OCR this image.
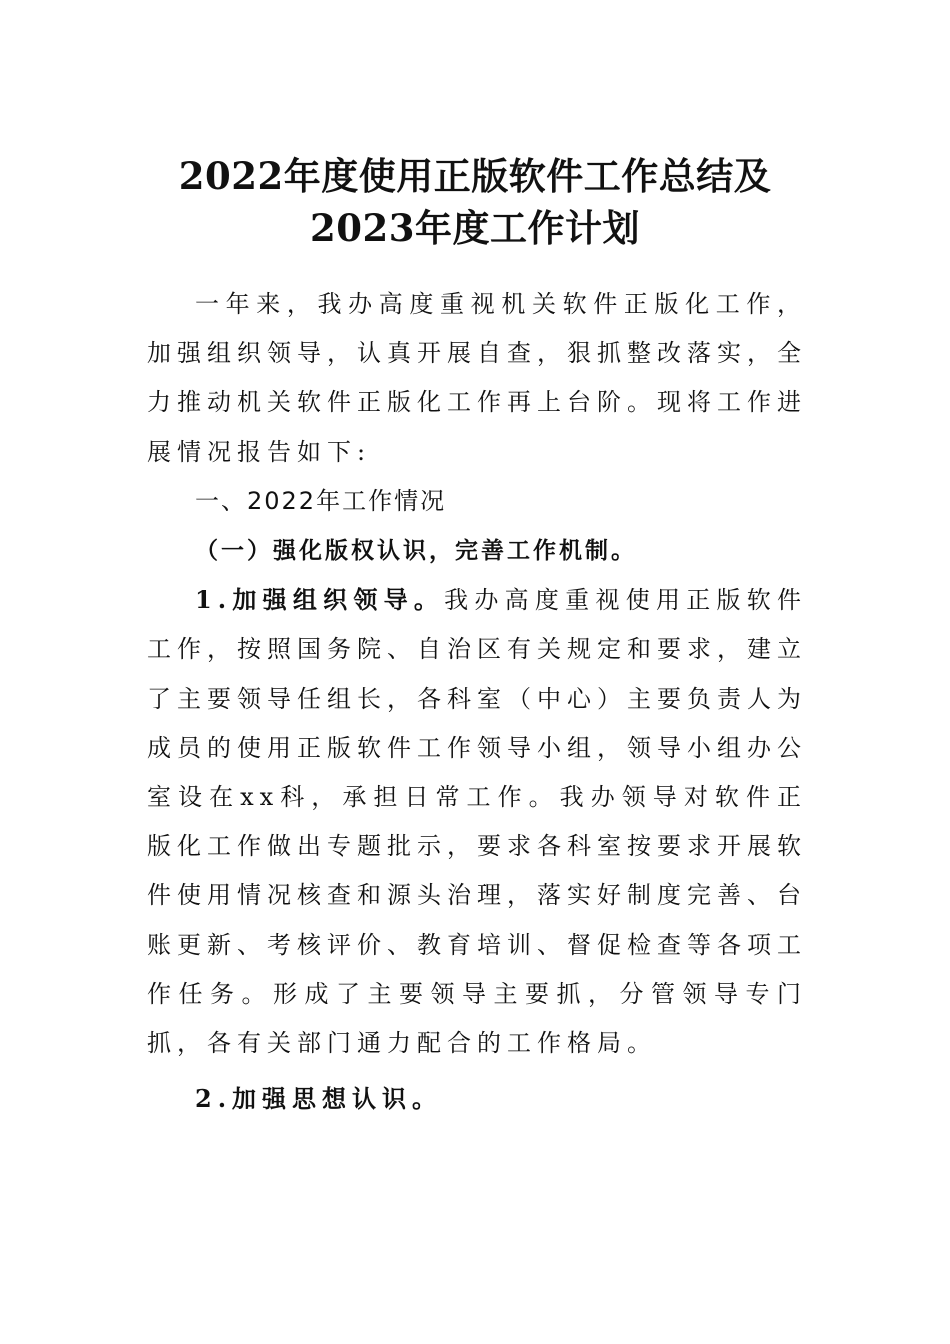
2022年度使用正版软件工作总结及2023年度工作计划

一年来，我办高度重视机关软件正版化工作，加强组织领导，认真开展自查，狠抓整改落实，全力推动机关软件正版化工作再上台阶。现将工作进展情况报告如下:

一、2022年工作情况

（一）强化版权认识，完善工作机制。

1.加强组织领导。我办高度重视使用正版软件工作，按照国务院、自治区有关规定和要求，建立了主要领导任组长，各科室（中心）主要负责人为成员的使用正版软件工作领导小组，领导小组办公室设在xx科，承担日常工作。我办领导对软件正版化工作做出专题批示，要求各科室按要求开展软件使用情况核查和源头治理，落实好制度完善、台账更新、考核评价、教育培训、督促检查等各项工作任务。形成了主要领导主要抓，分管领导专门抓，各有关部门通力配合的工作格局。

2.加强思想认识。
